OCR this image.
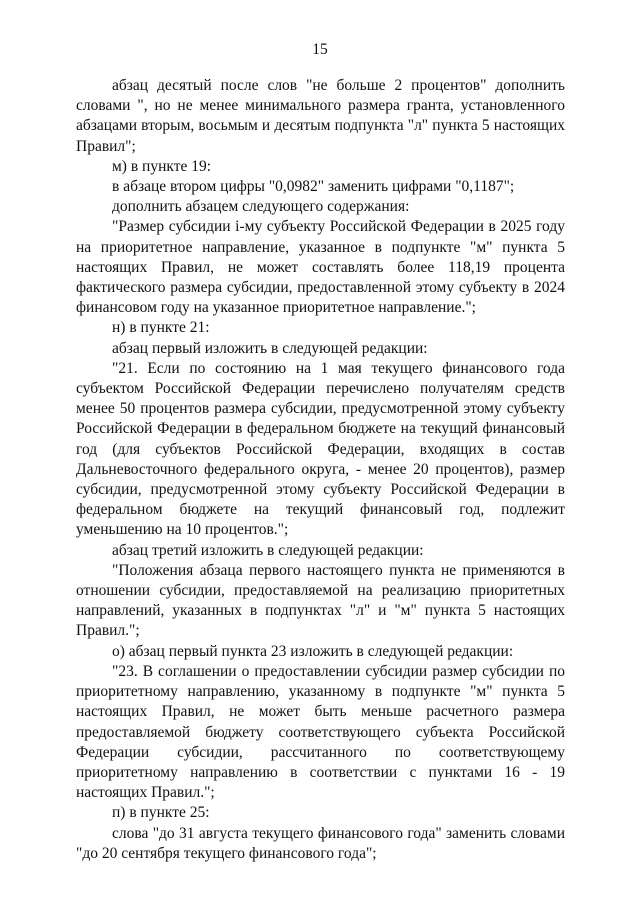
15

абзац десятый после слов "не больше 2 процентов" дополнить словами ", но не менее минимального размера гранта, установленного абзацами вторым, восьмым и десятым подпункта "л" пункта 5 настоящих Правил";

м) в пункте 19:

в абзаце втором цифры "0,0982" заменить цифрами "0,1187";

дополнить абзацем следующего содержания:

"Размер субсидии i-му субъекту Российской Федерации в 2025 году на приоритетное направление, указанное в подпункте "м" пункта 5 настоящих Правил, не может составлять более 118,19 процента фактического размера субсидии, предоставленной этому субъекту в 2024 финансовом году на указанное приоритетное направление.";

н) в пункте 21:

абзац первый изложить в следующей редакции:

"21. Если по состоянию на 1 мая текущего финансового года субъектом Российской Федерации перечислено получателям средств менее 50 процентов размера субсидии, предусмотренной этому субъекту Российской Федерации в федеральном бюджете на текущий финансовый год (для субъектов Российской Федерации, входящих в состав Дальневосточного федерального округа, - менее 20 процентов), размер субсидии, предусмотренной этому субъекту Российской Федерации в федеральном бюджете на текущий финансовый год, подлежит уменьшению на 10 процентов.";

абзац третий изложить в следующей редакции:

"Положения абзаца первого настоящего пункта не применяются в отношении субсидии, предоставляемой на реализацию приоритетных направлений, указанных в подпунктах "л" и "м" пункта 5 настоящих Правил.";

о) абзац первый пункта 23 изложить в следующей редакции:

"23. В соглашении о предоставлении субсидии размер субсидии по приоритетному направлению, указанному в подпункте "м" пункта 5 настоящих Правил, не может быть меньше расчетного размера предоставляемой бюджету соответствующего субъекта Российской Федерации субсидии, рассчитанного по соответствующему приоритетному направлению в соответствии с пунктами 16 - 19 настоящих Правил.";

п) в пункте 25:

слова "до 31 августа текущего финансового года" заменить словами "до 20 сентября текущего финансового года";
